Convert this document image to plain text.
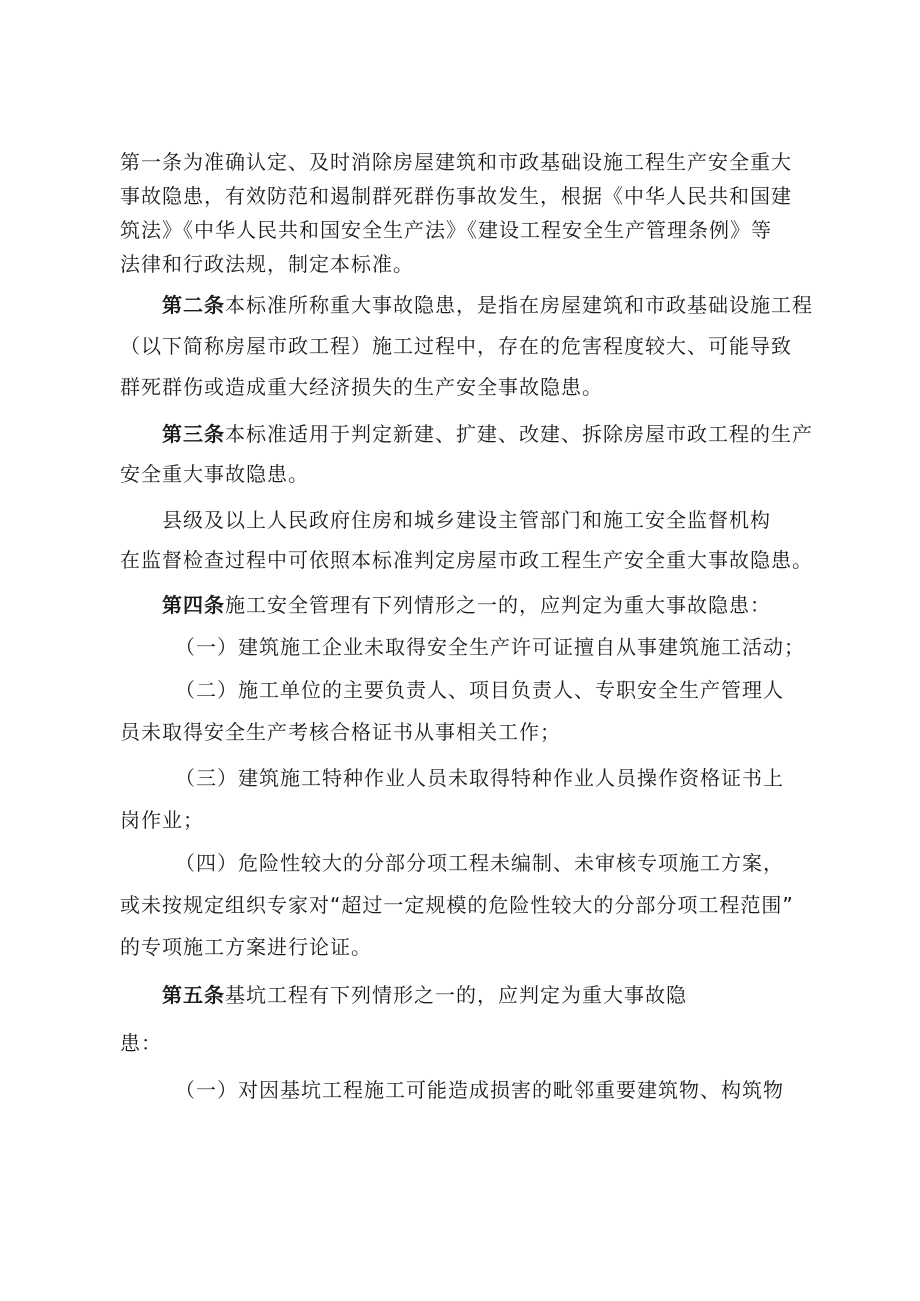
第一条为准确认定、及时消除房屋建筑和市政基础设施工程生产安全重大
事故隐患，有效防范和遏制群死群伤事故发生，根据《中华人民共和国建
筑法》《中华人民共和国安全生产法》《建设工程安全生产管理条例》等
法律和行政法规，制定本标准。
第二条本标准所称重大事故隐患，是指在房屋建筑和市政基础设施工程
（以下简称房屋市政工程）施工过程中，存在的危害程度较大、可能导致
群死群伤或造成重大经济损失的生产安全事故隐患。
第三条本标准适用于判定新建、扩建、改建、拆除房屋市政工程的生产
安全重大事故隐患。
县级及以上人民政府住房和城乡建设主管部门和施工安全监督机构
在监督检查过程中可依照本标准判定房屋市政工程生产安全重大事故隐患。
第四条施工安全管理有下列情形之一的，应判定为重大事故隐患：
（一）建筑施工企业未取得安全生产许可证擅自从事建筑施工活动；
（二）施工单位的主要负责人、项目负责人、专职安全生产管理人
员未取得安全生产考核合格证书从事相关工作；
（三）建筑施工特种作业人员未取得特种作业人员操作资格证书上
岗作业；
（四）危险性较大的分部分项工程未编制、未审核专项施工方案，
或未按规定组织专家对“超过一定规模的危险性较大的分部分项工程范围”
的专项施工方案进行论证。
第五条基坑工程有下列情形之一的，应判定为重大事故隐
患：
（一）对因基坑工程施工可能造成损害的毗邻重要建筑物、构筑物
